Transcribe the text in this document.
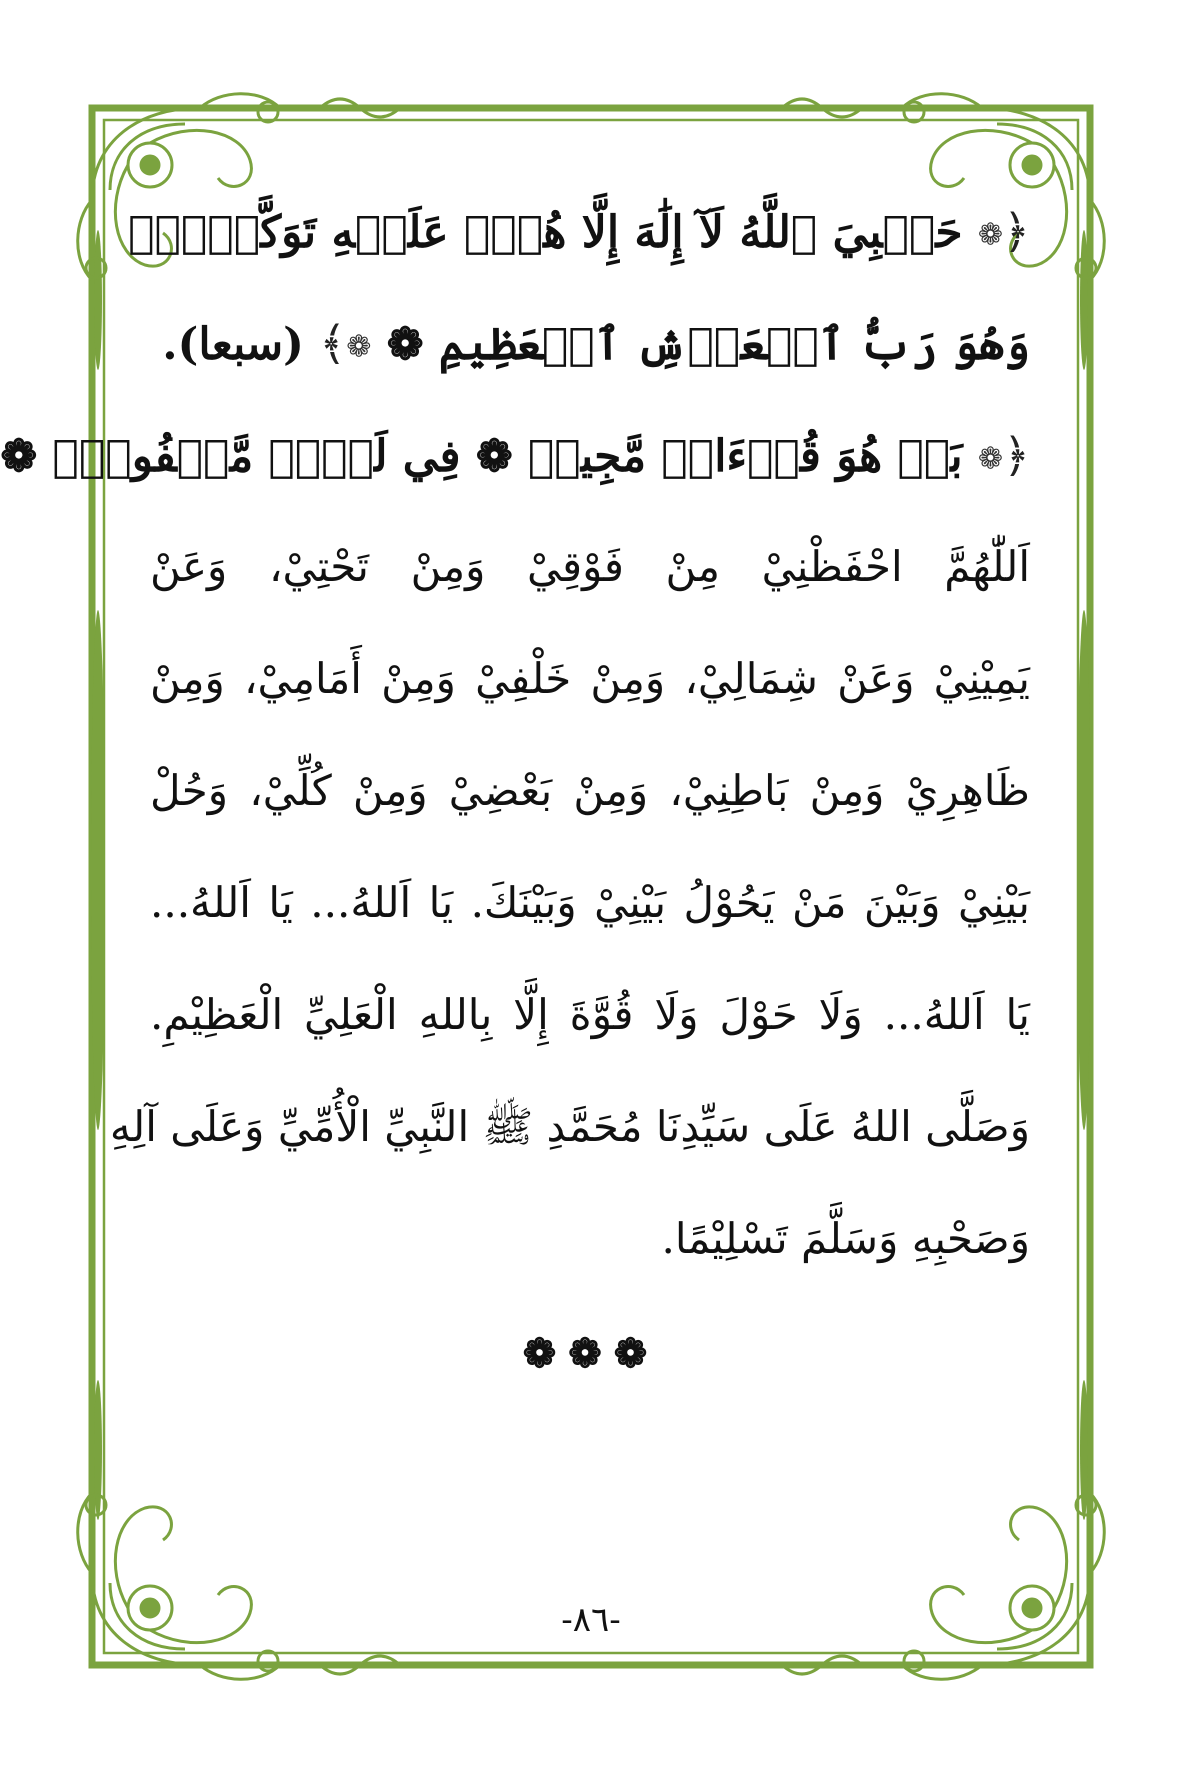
﴿❁ حَسۡبِيَ ٱللَّهُ لَآ إِلَٰهَ إِلَّا هُوَۖ عَلَيۡهِ تَوَكَّلۡتُۖ
وَهُوَ رَبُّ ٱلۡعَرۡشِ ٱلۡعَظِيمِ ❁ ❁﴾ (سبعا).
﴿❁ بَلۡ هُوَ قُرۡءَانٞ مَّجِيدٞ ❁ فِي لَوۡحٖ مَّحۡفُوظِۭ ❁
اَللّٰهُمَّ احْفَظْنِيْ مِنْ فَوْقِيْ وَمِنْ تَحْتِيْ، وَعَنْ
يَمِيْنِيْ وَعَنْ شِمَالِيْ، وَمِنْ خَلْفِيْ وَمِنْ أَمَامِيْ، وَمِنْ
ظَاهِرِيْ وَمِنْ بَاطِنِيْ، وَمِنْ بَعْضِيْ وَمِنْ كُلِّيْ، وَحُلْ
بَيْنِيْ وَبَيْنَ مَنْ يَحُوْلُ بَيْنِيْ وَبَيْنَكَ. يَا اَللهُ... يَا اَللهُ...
يَا اَللهُ... وَلَا حَوْلَ وَلَا قُوَّةَ إِلَّا بِاللهِ الْعَلِيِّ الْعَظِيْمِ.
وَصَلَّى اللهُ عَلَى سَيِّدِنَا مُحَمَّدِ ﷺ النَّبِيِّ الْأُمِّيِّ وَعَلَى آلِهِ
وَصَحْبِهِ وَسَلَّمَ تَسْلِيْمًا.
❁❁❁
-٨٦-
